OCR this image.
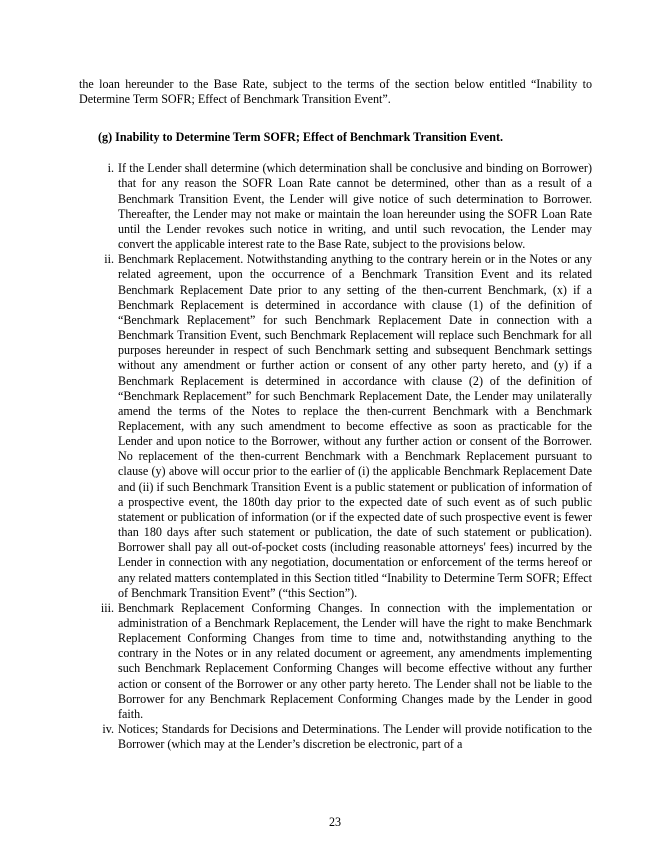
the loan hereunder to the Base Rate, subject to the terms of the section below entitled “Inability to Determine Term SOFR; Effect of Benchmark Transition Event”.

(g) Inability to Determine Term SOFR; Effect of Benchmark Transition Event.
i. If the Lender shall determine (which determination shall be conclusive and binding on Borrower) that for any reason the SOFR Loan Rate cannot be determined, other than as a result of a Benchmark Transition Event, the Lender will give notice of such determination to Borrower. Thereafter, the Lender may not make or maintain the loan hereunder using the SOFR Loan Rate until the Lender revokes such notice in writing, and until such revocation, the Lender may convert the applicable interest rate to the Base Rate, subject to the provisions below.
ii. Benchmark Replacement. Notwithstanding anything to the contrary herein or in the Notes or any related agreement, upon the occurrence of a Benchmark Transition Event and its related Benchmark Replacement Date prior to any setting of the then-current Benchmark, (x) if a Benchmark Replacement is determined in accordance with clause (1) of the definition of “Benchmark Replacement” for such Benchmark Replacement Date in connection with a Benchmark Transition Event, such Benchmark Replacement will replace such Benchmark for all purposes hereunder in respect of such Benchmark setting and subsequent Benchmark settings without any amendment or further action or consent of any other party hereto, and (y) if a Benchmark Replacement is determined in accordance with clause (2) of the definition of “Benchmark Replacement” for such Benchmark Replacement Date, the Lender may unilaterally amend the terms of the Notes to replace the then-current Benchmark with a Benchmark Replacement, with any such amendment to become effective as soon as practicable for the Lender and upon notice to the Borrower, without any further action or consent of the Borrower. No replacement of the then-current Benchmark with a Benchmark Replacement pursuant to clause (y) above will occur prior to the earlier of (i) the applicable Benchmark Replacement Date and (ii) if such Benchmark Transition Event is a public statement or publication of information of a prospective event, the 180th day prior to the expected date of such event as of such public statement or publication of information (or if the expected date of such prospective event is fewer than 180 days after such statement or publication, the date of such statement or publication). Borrower shall pay all out-of-pocket costs (including reasonable attorneys' fees) incurred by the Lender in connection with any negotiation, documentation or enforcement of the terms hereof or any related matters contemplated in this Section titled “Inability to Determine Term SOFR; Effect of Benchmark Transition Event” (“this Section”).
iii. Benchmark Replacement Conforming Changes. In connection with the implementation or administration of a Benchmark Replacement, the Lender will have the right to make Benchmark Replacement Conforming Changes from time to time and, notwithstanding anything to the contrary in the Notes or in any related document or agreement, any amendments implementing such Benchmark Replacement Conforming Changes will become effective without any further action or consent of the Borrower or any other party hereto. The Lender shall not be liable to the Borrower for any Benchmark Replacement Conforming Changes made by the Lender in good faith.
iv. Notices; Standards for Decisions and Determinations. The Lender will provide notification to the Borrower (which may at the Lender’s discretion be electronic, part of a
23
